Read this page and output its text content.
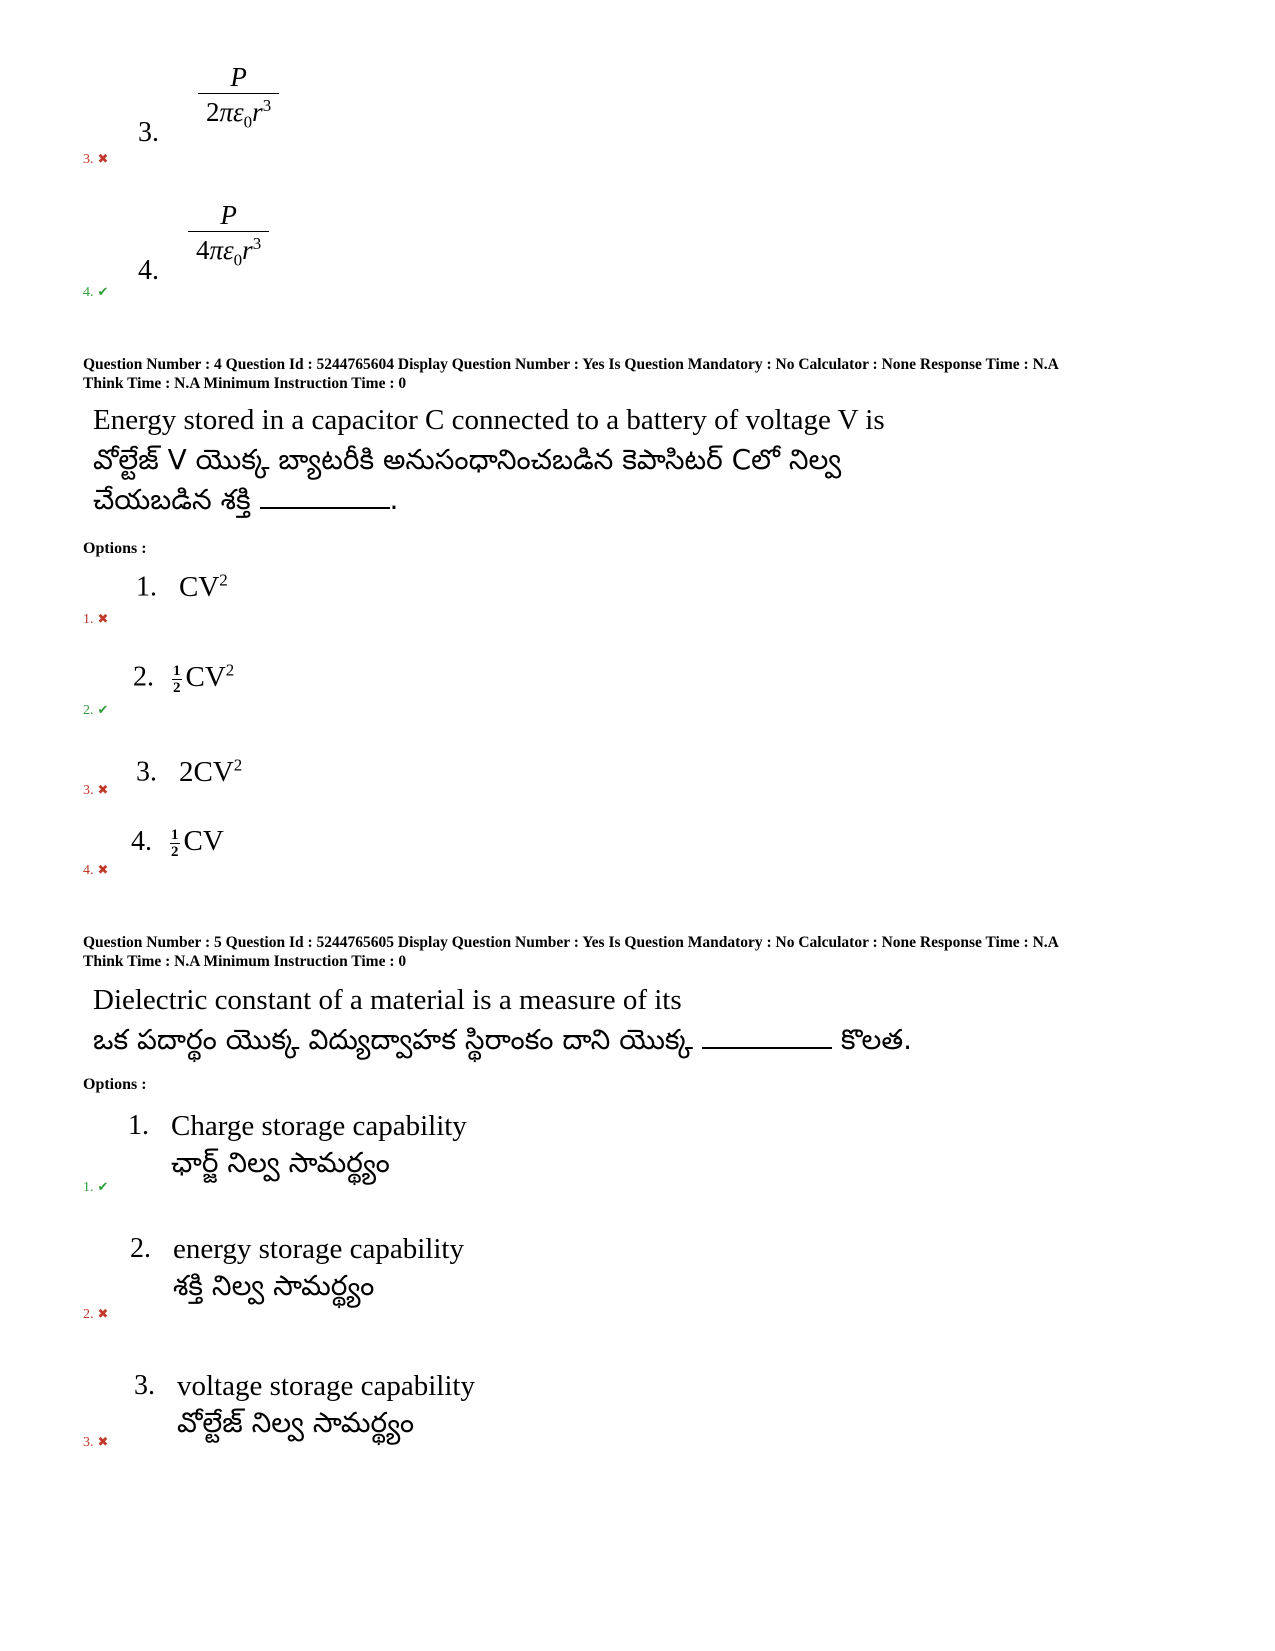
3.
$\frac{P}{2\pi\varepsilon_0r^3}$
3. ✖
4.
$\frac{P}{4\pi\varepsilon_0r^3}$
4. ✔
Question Number : 4 Question Id : 5244765604 Display Question Number : Yes Is Question Mandatory : No Calculator : None Response Time : N.A
Think Time : N.A Minimum Instruction Time : 0
Energy stored in a capacitor C connected to a battery of voltage V is
వోల్టేజ్ V యొక్క బ్యాటరీకి అనుసంధానించబడిన కెపాసిటర్ Cలో నిల్వ
చేయబడిన శక్తి	.
Options :
1. $CV^2$
1. ✖
2. $\frac{1}{2} CV^2$
2. ✔
3. $2CV^2$
3. ✖
4. $\frac{1}{2}$ CV
4. ✖
Question Number : 5 Question Id : 5244765605 Display Question Number : Yes Is Question Mandatory : No Calculator : None Response Time : N.A
Think Time : N.A Minimum Instruction Time : 0
Dielectric constant of a material is a measure of its
ఒక పదార్థం యొక్క విద్యుద్వాహక స్థిరాంకం దాని యొక్క	కొలత.
Options :
1. Charge storage capability
ఛార్జ్ నిల్వ సామర్థ్యం
1. ✔
2. energy storage capability
శక్తి నిల్వ సామర్థ్యం
2. ✖
3. voltage storage capability
వోల్టేజ్ నిల్వ సామర్థ్యం
3. ✖
